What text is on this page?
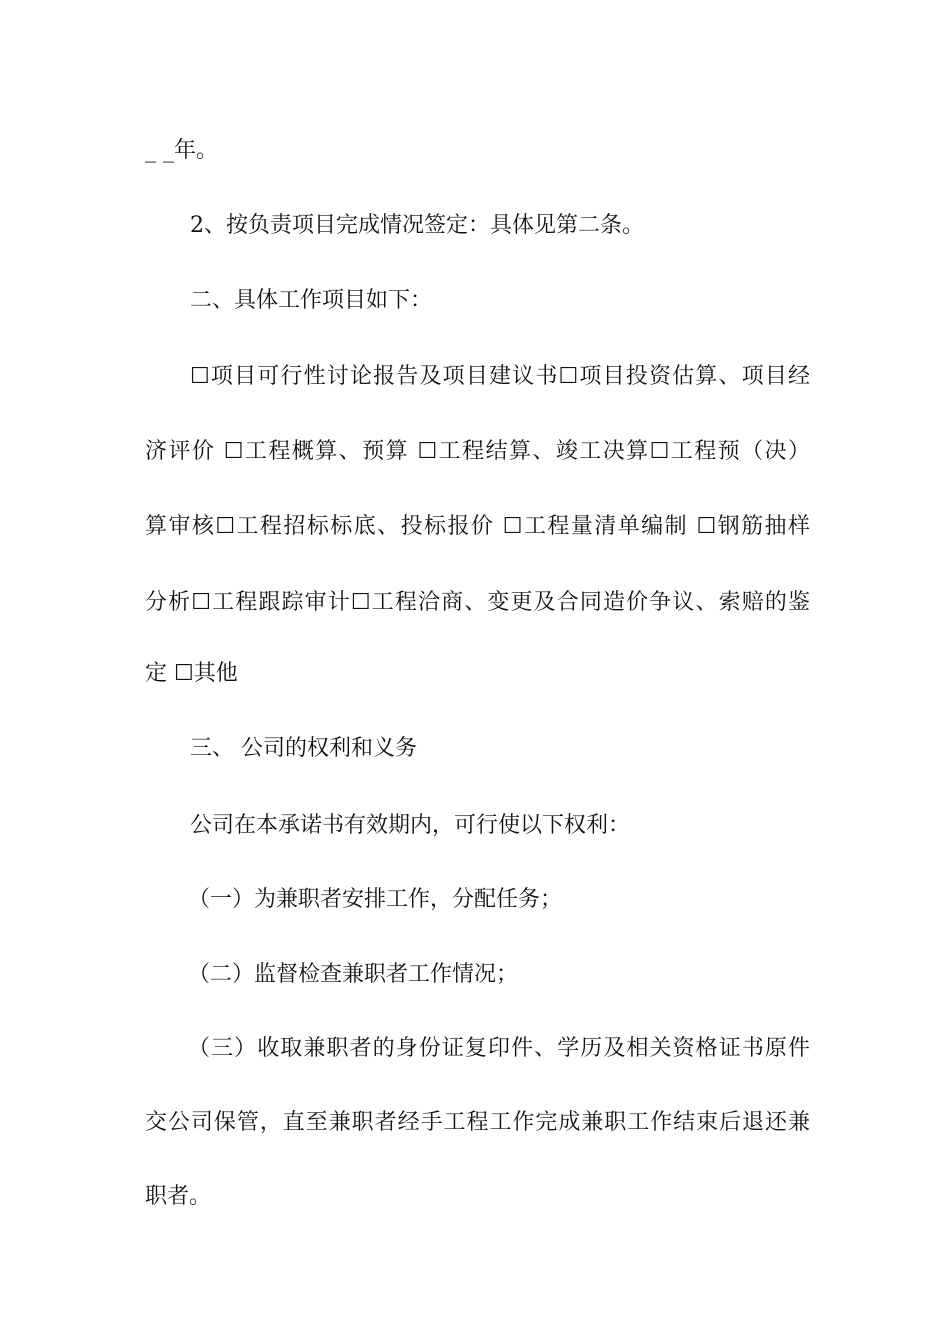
_ _年。
2、按负责项目完成情况签定：具体见第二条。
二、具体工作项目如下：
☐项目可行性讨论报告及项目建议书☐项目投资估算、项目经
济评价 ☐工程概算、预算 ☐工程结算、竣工决算☐工程预（决）
算审核☐工程招标标底、投标报价 ☐工程量清单编制 ☐钢筋抽样
分析☐工程跟踪审计☐工程洽商、变更及合同造价争议、索赔的鉴
定 ☐其他
三、 公司的权利和义务
公司在本承诺书有效期内，可行使以下权利：
（一）为兼职者安排工作，分配任务；
（二）监督检查兼职者工作情况；
（三）收取兼职者的身份证复印件、学历及相关资格证书原件
交公司保管，直至兼职者经手工程工作完成兼职工作结束后退还兼
职者。
